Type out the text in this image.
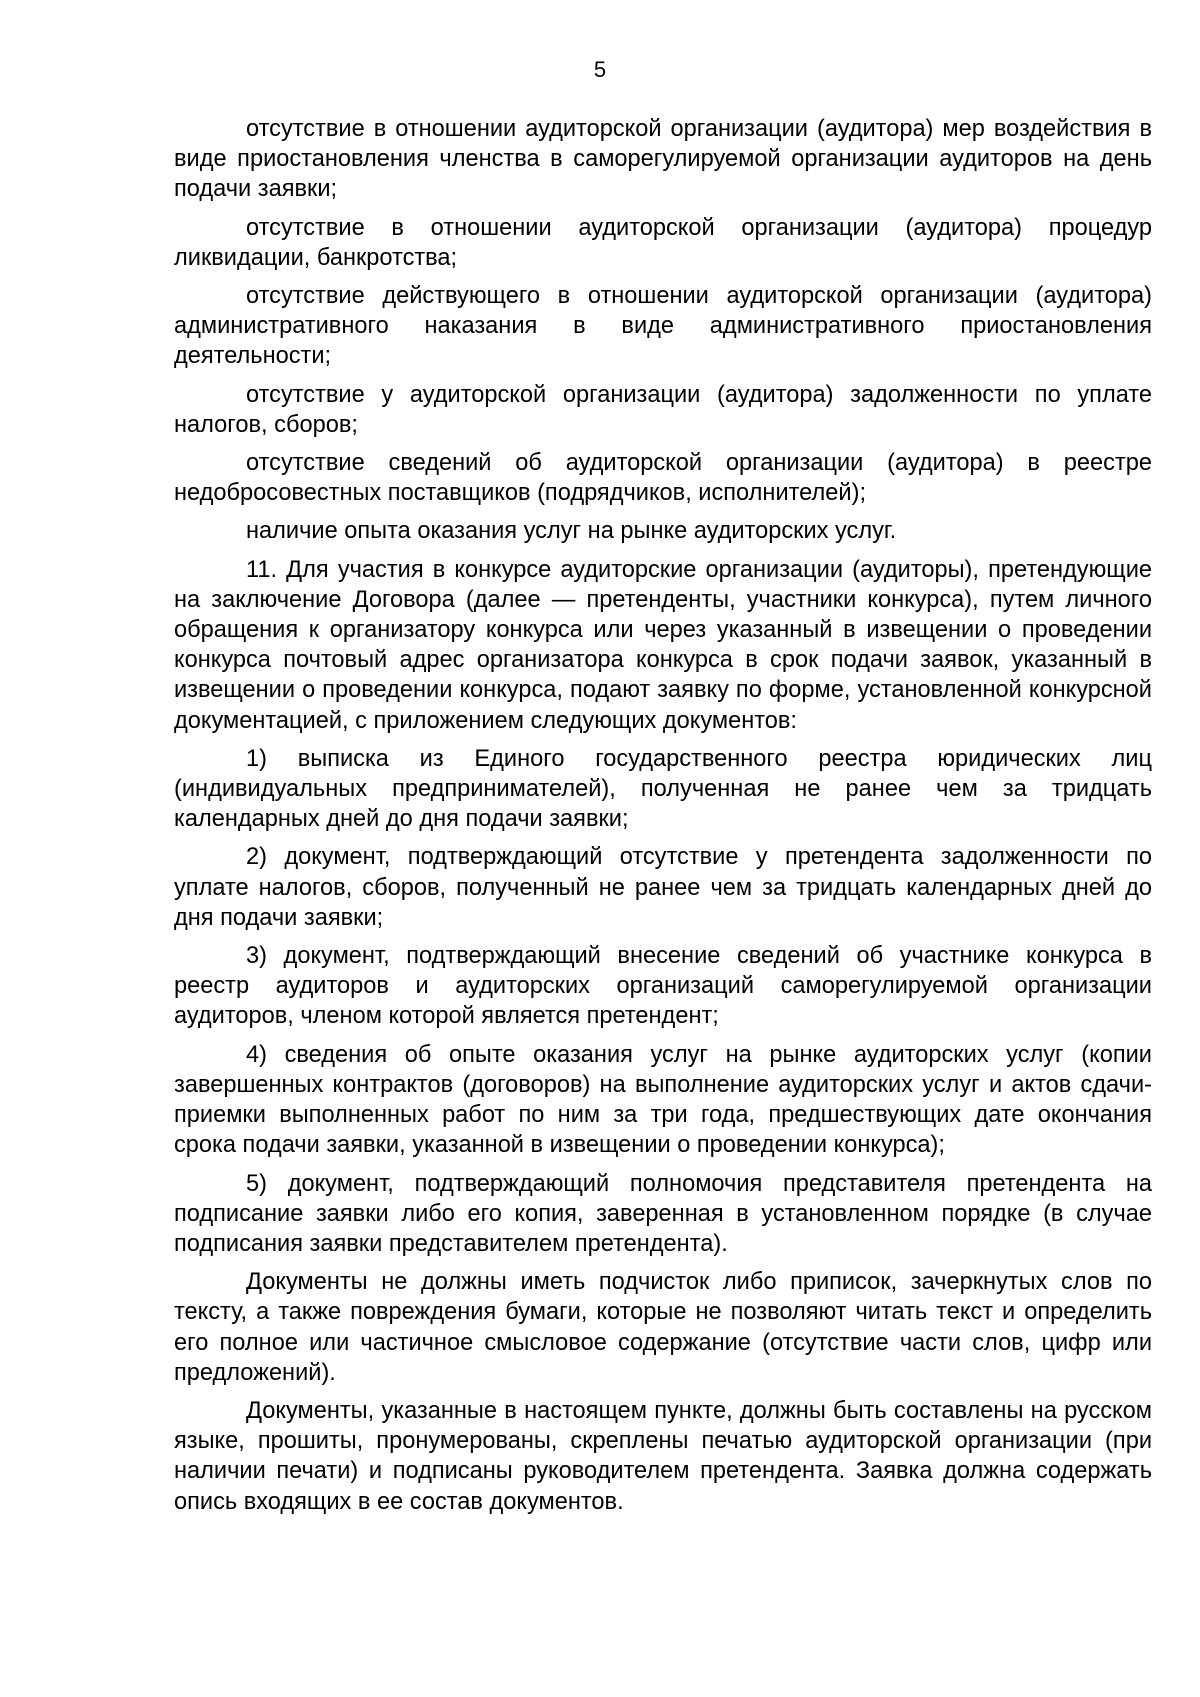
5

отсутствие в отношении аудиторской организации (аудитора) мер воздействия в виде приостановления членства в саморегулируемой организации аудиторов на день подачи заявки;

отсутствие в отношении аудиторской организации (аудитора) процедур ликвидации, банкротства;

отсутствие действующего в отношении аудиторской организации (аудитора) административного наказания в виде административного приостановления деятельности;

отсутствие у аудиторской организации (аудитора) задолженности по уплате налогов, сборов;

отсутствие сведений об аудиторской организации (аудитора) в реестре недобросовестных поставщиков (подрядчиков, исполнителей);

наличие опыта оказания услуг на рынке аудиторских услуг.

11. Для участия в конкурсе аудиторские организации (аудиторы), претендующие на заключение Договора (далее — претенденты, участники конкурса), путем личного обращения к организатору конкурса или через указанный в извещении о проведении конкурса почтовый адрес организатора конкурса в срок подачи заявок, указанный в извещении о проведении конкурса, подают заявку по форме, установленной конкурсной документацией, с приложением следующих документов:

1) выписка из Единого государственного реестра юридических лиц (индивидуальных предпринимателей), полученная не ранее чем за тридцать календарных дней до дня подачи заявки;

2) документ, подтверждающий отсутствие у претендента задолженности по уплате налогов, сборов, полученный не ранее чем за тридцать календарных дней до дня подачи заявки;

3) документ, подтверждающий внесение сведений об участнике конкурса в реестр аудиторов и аудиторских организаций саморегулируемой организации аудиторов, членом которой является претендент;

4) сведения об опыте оказания услуг на рынке аудиторских услуг (копии завершенных контрактов (договоров) на выполнение аудиторских услуг и актов сдачи-приемки выполненных работ по ним за три года, предшествующих дате окончания срока подачи заявки, указанной в извещении о проведении конкурса);

5) документ, подтверждающий полномочия представителя претендента на подписание заявки либо его копия, заверенная в установленном порядке (в случае подписания заявки представителем претендента).

Документы не должны иметь подчисток либо приписок, зачеркнутых слов по тексту, а также повреждения бумаги, которые не позволяют читать текст и определить его полное или частичное смысловое содержание (отсутствие части слов, цифр или предложений).

Документы, указанные в настоящем пункте, должны быть составлены на русском языке, прошиты, пронумерованы, скреплены печатью аудиторской организации (при наличии печати) и подписаны руководителем претендента. Заявка должна содержать опись входящих в ее состав документов.
